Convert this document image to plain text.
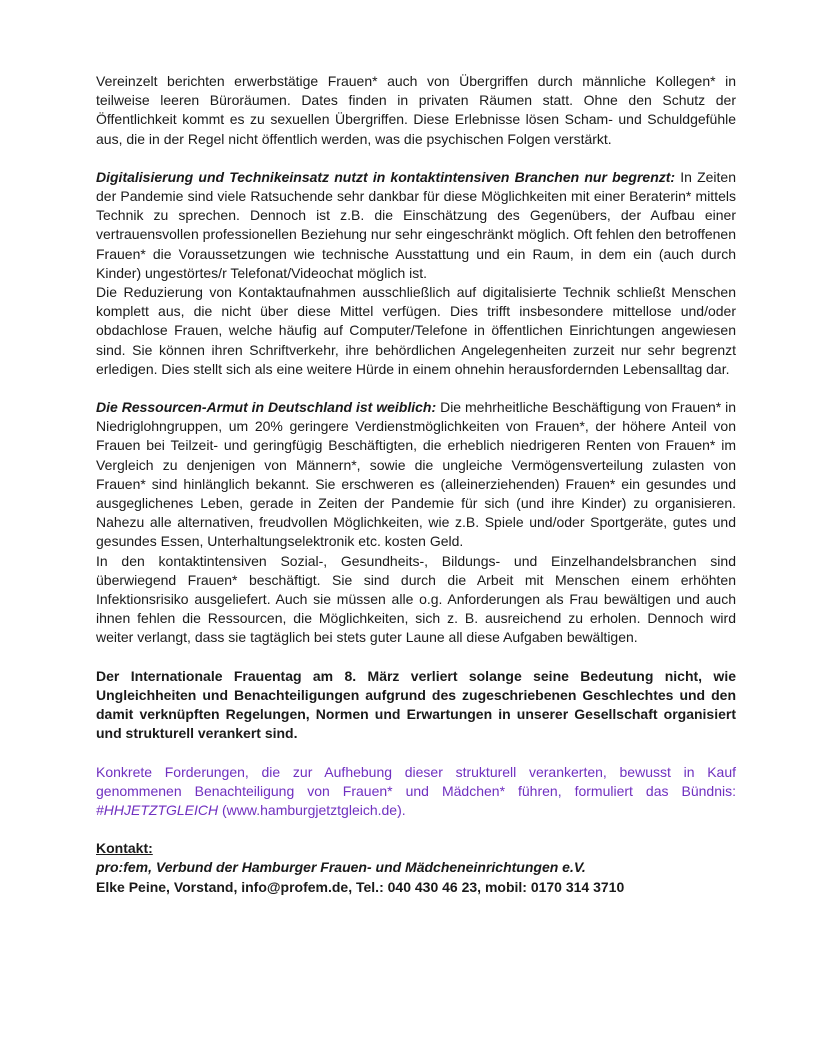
Vereinzelt berichten erwerbstätige Frauen* auch von Übergriffen durch männliche Kollegen* in teilweise leeren Büroräumen. Dates finden in privaten Räumen statt. Ohne den Schutz der Öffentlichkeit kommt es zu sexuellen Übergriffen. Diese Erlebnisse lösen Scham- und Schuldgefühle aus, die in der Regel nicht öffentlich werden, was die psychischen Folgen verstärkt.

Digitalisierung und Technikeinsatz nutzt in kontaktintensiven Branchen nur begrenzt: In Zeiten der Pandemie sind viele Ratsuchende sehr dankbar für diese Möglichkeiten mit einer Beraterin* mittels Technik zu sprechen. Dennoch ist z.B. die Einschätzung des Gegenübers, der Aufbau einer vertrauensvollen professionellen Beziehung nur sehr eingeschränkt möglich. Oft fehlen den betroffenen Frauen* die Voraussetzungen wie technische Ausstattung und ein Raum, in dem ein (auch durch Kinder) ungestörtes/r Telefonat/Videochat möglich ist.

Die Reduzierung von Kontaktaufnahmen ausschließlich auf digitalisierte Technik schließt Menschen komplett aus, die nicht über diese Mittel verfügen. Dies trifft insbesondere mittellose und/oder obdachlose Frauen, welche häufig auf Computer/Telefone in öffentlichen Einrichtungen angewiesen sind. Sie können ihren Schriftverkehr, ihre behördlichen Angelegenheiten zurzeit nur sehr begrenzt erledigen. Dies stellt sich als eine weitere Hürde in einem ohnehin herausfordernden Lebensalltag dar.

Die Ressourcen-Armut in Deutschland ist weiblich: Die mehrheitliche Beschäftigung von Frauen* in Niedriglohngruppen, um 20% geringere Verdienstmöglichkeiten von Frauen*, der höhere Anteil von Frauen bei Teilzeit- und geringfügig Beschäftigten, die erheblich niedrigeren Renten von Frauen* im Vergleich zu denjenigen von Männern*, sowie die ungleiche Vermögensverteilung zulasten von Frauen* sind hinlänglich bekannt. Sie erschweren es (alleinerziehenden) Frauen* ein gesundes und ausgeglichenes Leben, gerade in Zeiten der Pandemie für sich (und ihre Kinder) zu organisieren. Nahezu alle alternativen, freudvollen Möglichkeiten, wie z.B. Spiele und/oder Sportgeräte, gutes und gesundes Essen, Unterhaltungselektronik etc. kosten Geld.

In den kontaktintensiven Sozial-, Gesundheits-, Bildungs- und Einzelhandelsbranchen sind überwiegend Frauen* beschäftigt. Sie sind durch die Arbeit mit Menschen einem erhöhten Infektionsrisiko ausgeliefert. Auch sie müssen alle o.g. Anforderungen als Frau bewältigen und auch ihnen fehlen die Ressourcen, die Möglichkeiten, sich z. B. ausreichend zu erholen. Dennoch wird weiter verlangt, dass sie tagtäglich bei stets guter Laune all diese Aufgaben bewältigen.

Der Internationale Frauentag am 8. März verliert solange seine Bedeutung nicht, wie Ungleichheiten und Benachteiligungen aufgrund des zugeschriebenen Geschlechtes und den damit verknüpften Regelungen, Normen und Erwartungen in unserer Gesellschaft organisiert und strukturell verankert sind.

Konkrete Forderungen, die zur Aufhebung dieser strukturell verankerten, bewusst in Kauf genommenen Benachteiligung von Frauen* und Mädchen* führen, formuliert das Bündnis: #HHJETZTGLEICH (www.hamburgjetztgleich.de).

Kontakt:
pro:fem, Verbund der Hamburger Frauen- und Mädcheneinrichtungen e.V.
Elke Peine, Vorstand, info@profem.de, Tel.: 040 430 46 23, mobil: 0170 314 3710
